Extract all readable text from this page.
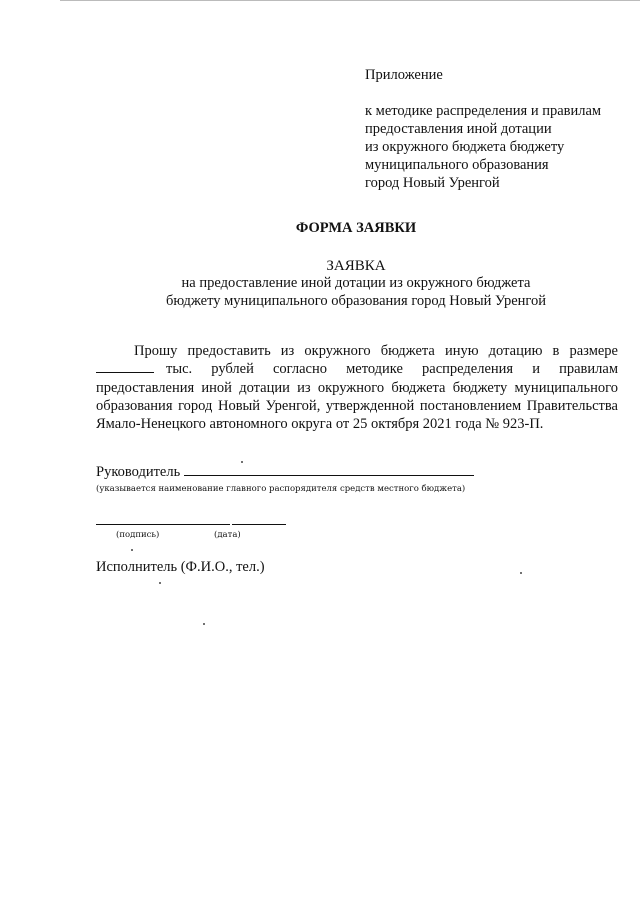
Приложение
к методике распределения и правилам
предоставления иной дотации
из окружного бюджета бюджету
муниципального образования
город Новый Уренгой
ФОРМА ЗАЯВКИ
ЗАЯВКА
на предоставление иной дотации из окружного бюджета
бюджету муниципального образования город Новый Уренгой
Прошу предоставить из окружного бюджета иную дотацию в размере тыс. рублей согласно методике распределения и правилам предоставления иной дотации из окружного бюджета бюджету муниципального образования город Новый Уренгой, утвержденной постановлением Правительства Ямало-Ненецкого автономного округа от 25 октября 2021 года № 923-П.
Руководитель
(указывается наименование главного распорядителя средств местного бюджета)
(подпись)	(дата)
Исполнитель (Ф.И.О., тел.)
